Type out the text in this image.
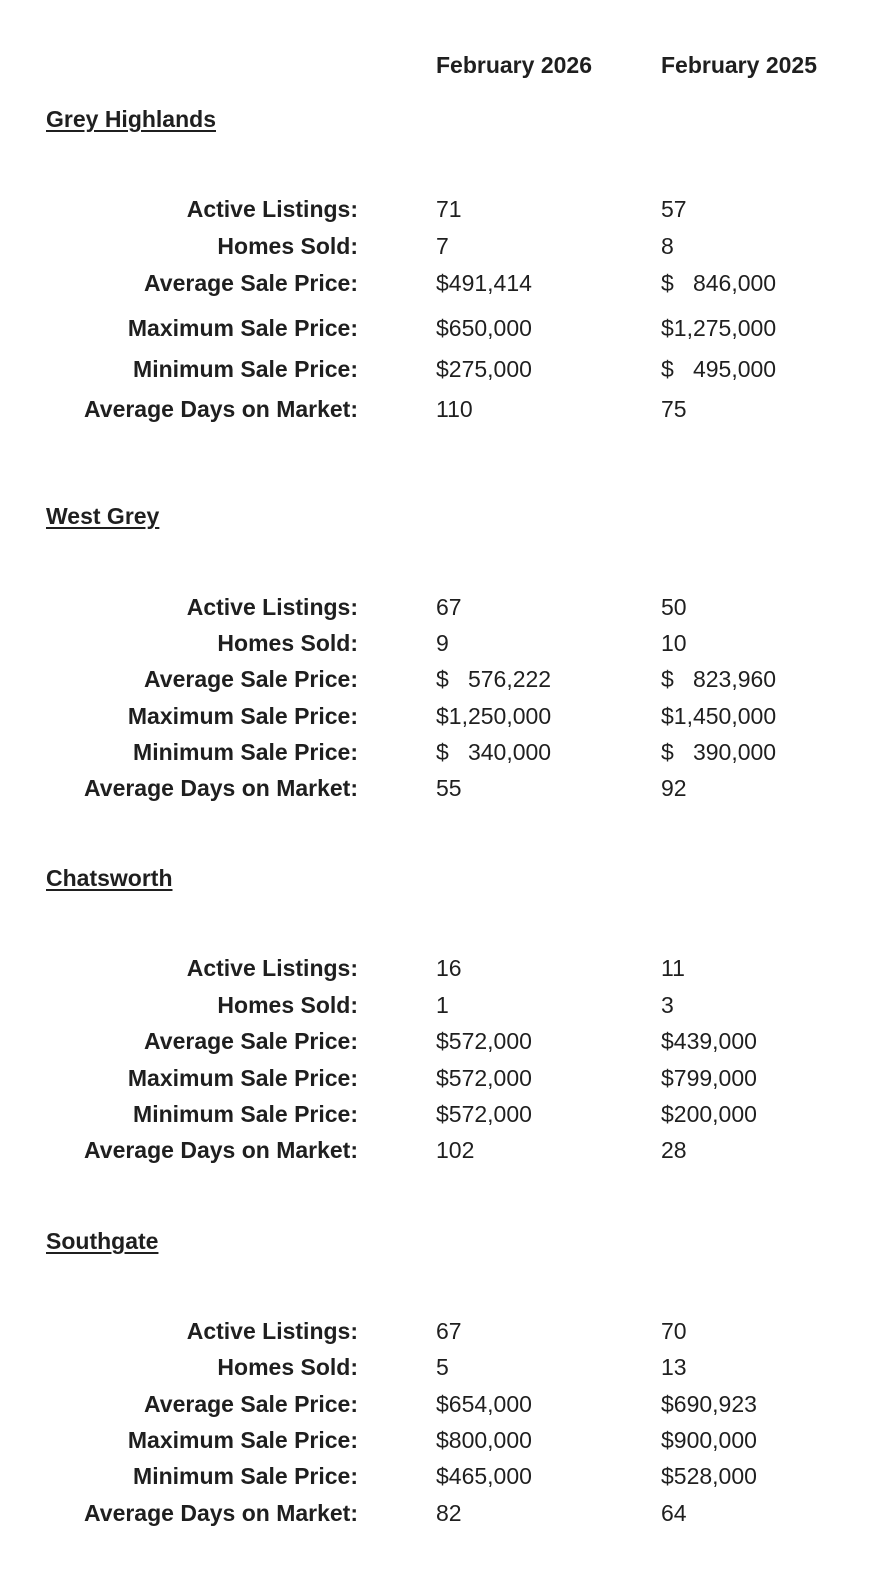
February 2026	February 2025
Grey Highlands
Active Listings:	71	57
Homes Sold:	7	8
Average Sale Price:	$491,414	$   846,000
Maximum Sale Price:	$650,000	$1,275,000
Minimum Sale Price:	$275,000	$   495,000
Average Days on Market:	110	75
West Grey
Active Listings:	67	50
Homes Sold:	9	10
Average Sale Price:	$   576,222	$   823,960
Maximum Sale Price:	$1,250,000	$1,450,000
Minimum Sale Price:	$   340,000	$   390,000
Average Days on Market:	55	92
Chatsworth
Active Listings:	16	11
Homes Sold:	1	3
Average Sale Price:	$572,000	$439,000
Maximum Sale Price:	$572,000	$799,000
Minimum Sale Price:	$572,000	$200,000
Average Days on Market:	102	28
Southgate
Active Listings:	67	70
Homes Sold:	5	13
Average Sale Price:	$654,000	$690,923
Maximum Sale Price:	$800,000	$900,000
Minimum Sale Price:	$465,000	$528,000
Average Days on Market:	82	64
